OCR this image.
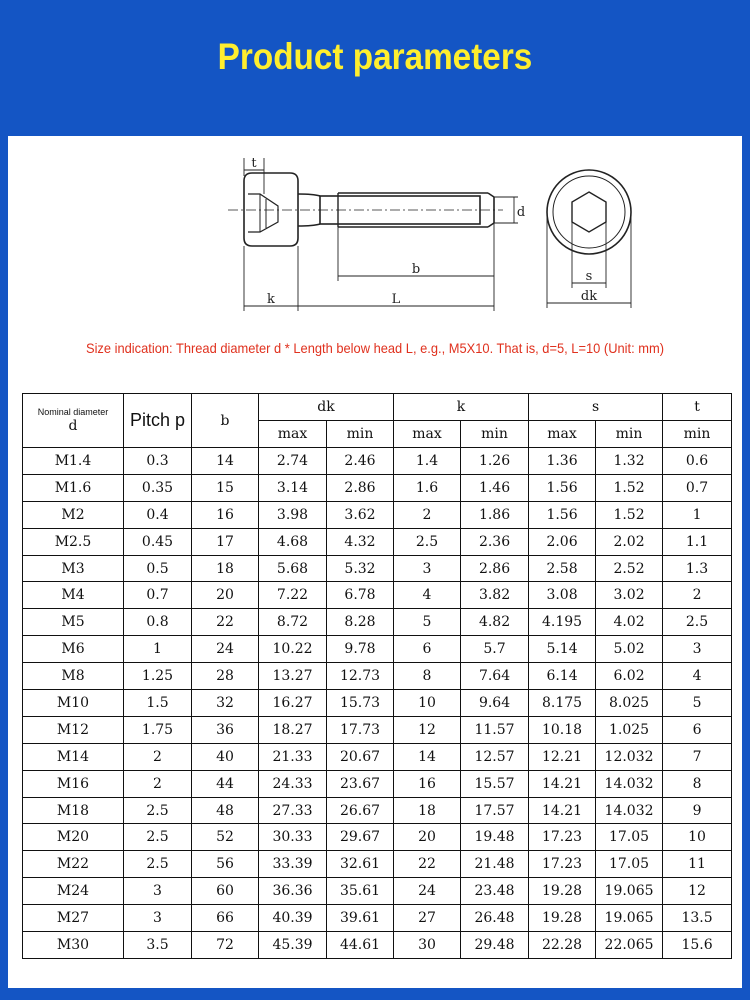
Product parameters
t
d
b
k	L
s
dk
Size indication: Thread diameter d * Length below head L, e.g., M5X10. That is, d=5, L=10 (Unit: mm)
Nominal diameter
d	Pitch p	b	dk		k		s		t
			max	min	max	min	max	min	min
M1.4	0.3	14	2.74	2.46	1.4	1.26	1.36	1.32	0.6
M1.6	0.35	15	3.14	2.86	1.6	1.46	1.56	1.52	0.7
M2	0.4	16	3.98	3.62	2	1.86	1.56	1.52	1
M2.5	0.45	17	4.68	4.32	2.5	2.36	2.06	2.02	1.1
M3	0.5	18	5.68	5.32	3	2.86	2.58	2.52	1.3
M4	0.7	20	7.22	6.78	4	3.82	3.08	3.02	2
M5	0.8	22	8.72	8.28	5	4.82	4.195	4.02	2.5
M6	1	24	10.22	9.78	6	5.7	5.14	5.02	3
M8	1.25	28	13.27	12.73	8	7.64	6.14	6.02	4
M10	1.5	32	16.27	15.73	10	9.64	8.175	8.025	5
M12	1.75	36	18.27	17.73	12	11.57	10.18	1.025	6
M14	2	40	21.33	20.67	14	12.57	12.21	12.032	7
M16	2	44	24.33	23.67	16	15.57	14.21	14.032	8
M18	2.5	48	27.33	26.67	18	17.57	14.21	14.032	9
M20	2.5	52	30.33	29.67	20	19.48	17.23	17.05	10
M22	2.5	56	33.39	32.61	22	21.48	17.23	17.05	11
M24	3	60	36.36	35.61	24	23.48	19.28	19.065	12
M27	3	66	40.39	39.61	27	26.48	19.28	19.065	13.5
M30	3.5	72	45.39	44.61	30	29.48	22.28	22.065	15.6
